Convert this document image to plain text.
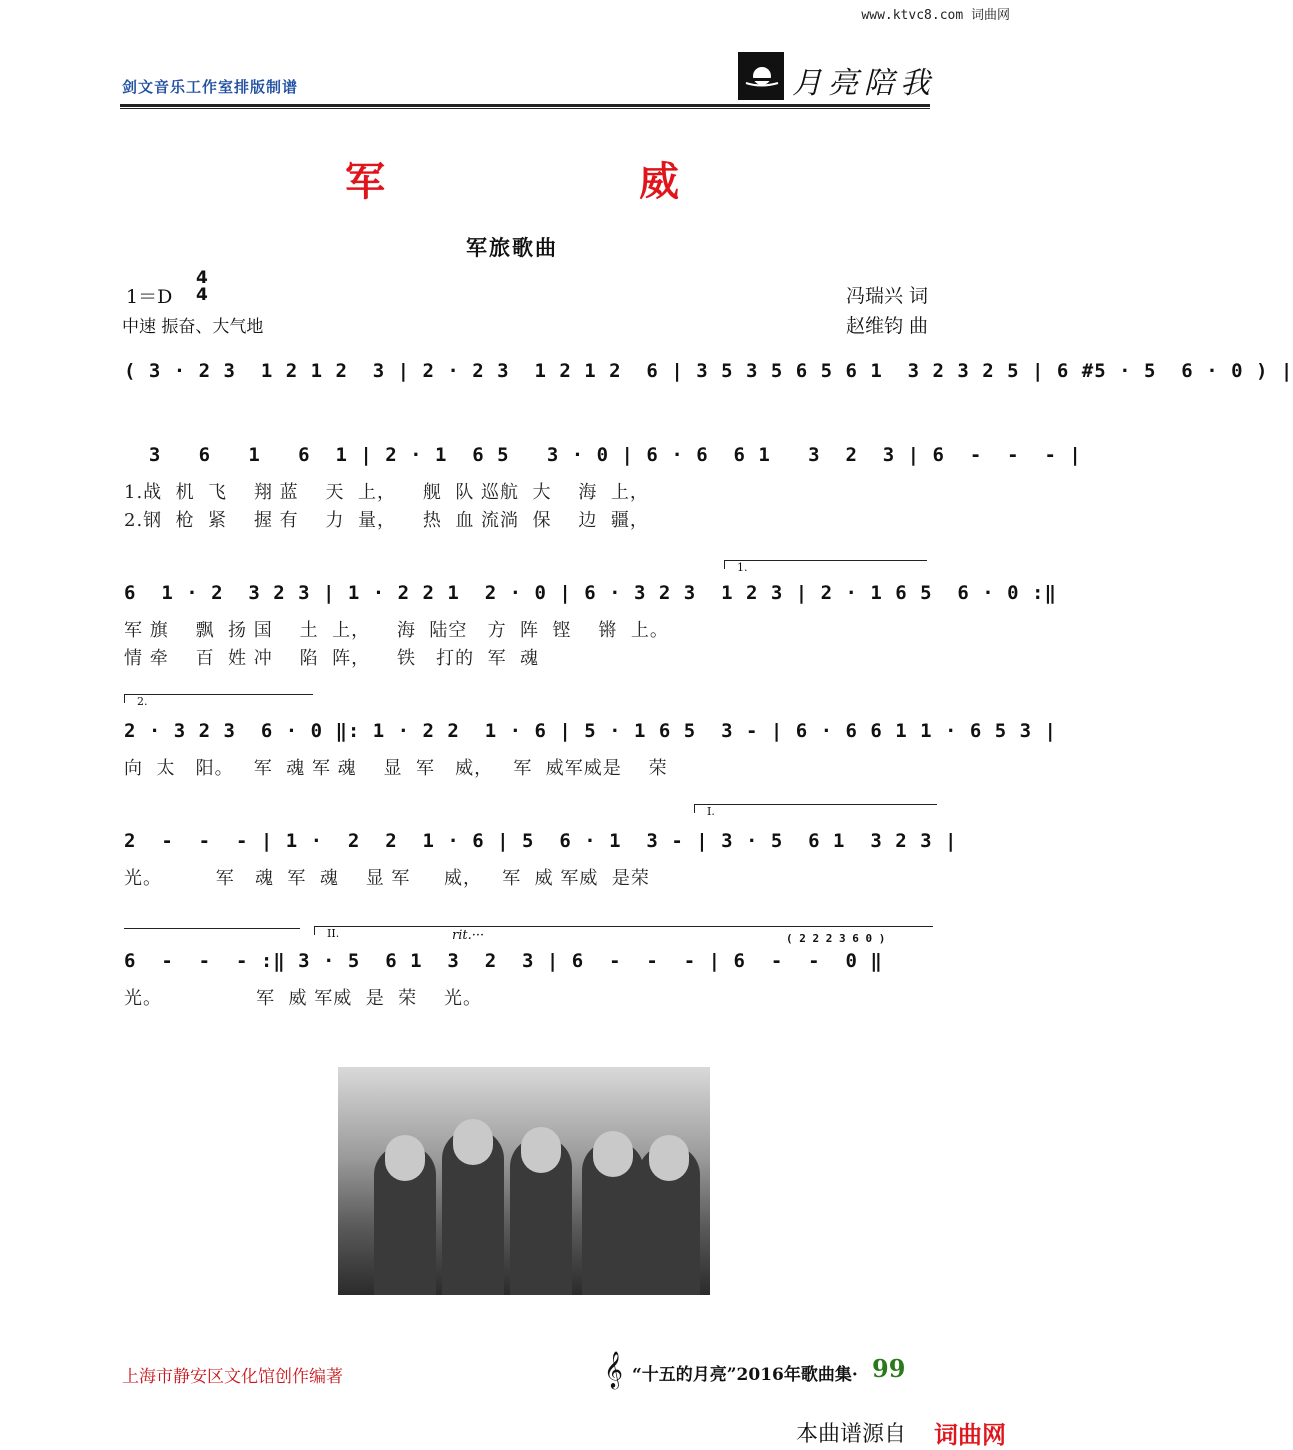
www.ktvc8.com 词曲网
剑文音乐工作室排版制谱	月亮陪我
军 威
军旅歌曲
1＝D
4
4
中速 振奋、大气地
冯瑞兴 词
赵维钧 曲
( 3 · 2 3  1 2 1 2  3 | 2 · 2 3  1 2 1 2  6 | 3 5 3 5 6 5 6 1  3 2 3 2 5 | 6 #5 · 5  6 · 0 ) |
3   6   1   6  1 | 2 · 1  6 5   3 · 0 | 6 · 6  6 1   3  2  3 | 6  -  -  - |
1.战  机  飞    翔 蓝    天  上，    舰  队 巡航  大    海  上，
2.钢  枪  紧    握 有    力  量，    热  血 流淌  保    边  疆，
1.
6  1 · 2  3 2 3 | 1 · 2 2 1  2 · 0 | 6 · 3 2 3  1 2 3 | 2 · 1 6 5  6 · 0 :‖
军 旗    飘  扬 国    土  上，    海  陆空   方  阵  铿    锵  上。
情 牵    百  姓 冲    陷  阵，    铁   打的  军  魂
2.
2 · 3 2 3  6 · 0 ‖: 1 · 2 2  1 · 6 | 5 · 1 6 5  3 - | 6 · 6 6 1 1 · 6 5 3 |
向  太   阳。   军  魂 军 魂    显  军   威，   军  威军威是    荣
I.
2  -  -  - | 1 ·  2  2  1 · 6 | 5  6 · 1  3 - | 3 · 5  6 1  3 2 3 |
光。        军   魂  军  魂    显 军     威，   军  威 军威  是荣
II.	rit.···	( 2 2 2 3 6 0 )
6  -  -  - :‖ 3 · 5  6 1  3  2  3 | 6  -  -  - | 6  -  -  0 ‖
光。              军  威 军威  是  荣    光。
上海市静安区文化馆创作编著	𝄞 “十五的月亮”2016年歌曲集· 99
本曲谱源自 词曲网
